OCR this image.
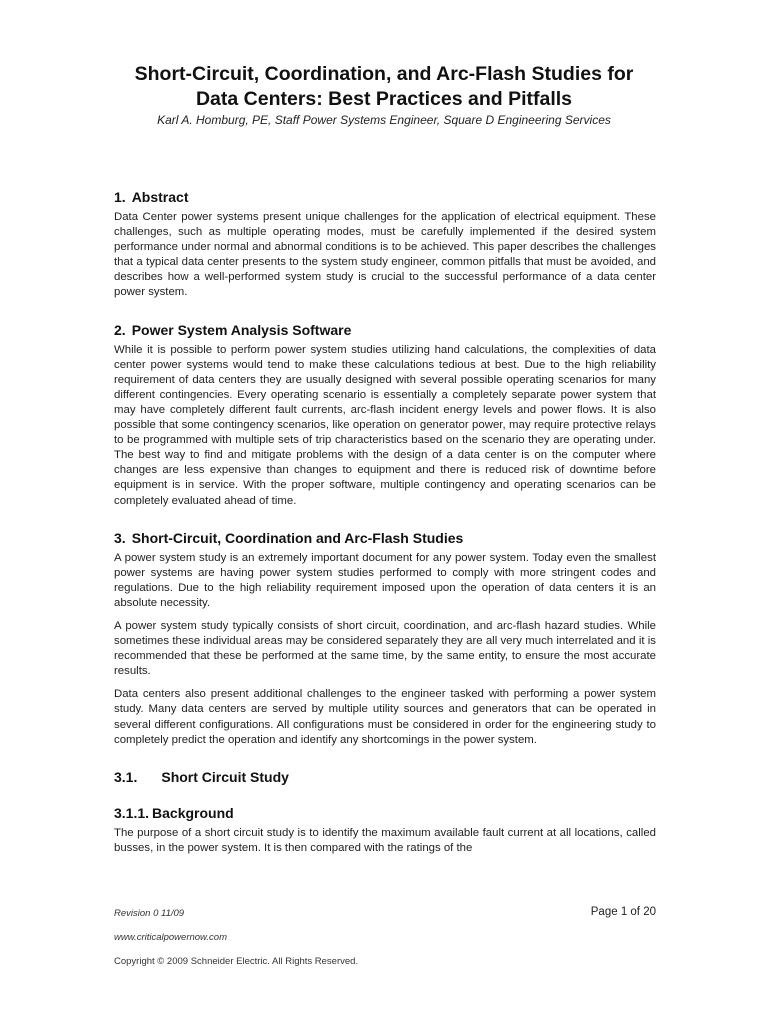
Short-Circuit, Coordination, and Arc-Flash Studies for
Data Centers: Best Practices and Pitfalls
Karl A. Homburg, PE, Staff Power Systems Engineer, Square D Engineering Services
1. Abstract

Data Center power systems present unique challenges for the application of electrical equipment. These challenges, such as multiple operating modes, must be carefully implemented if the desired system performance under normal and abnormal conditions is to be achieved. This paper describes the challenges that a typical data center presents to the system study engineer, common pitfalls that must be avoided, and describes how a well-performed system study is crucial to the successful performance of a data center power system.

2. Power System Analysis Software

While it is possible to perform power system studies utilizing hand calculations, the complexities of data center power systems would tend to make these calculations tedious at best. Due to the high reliability requirement of data centers they are usually designed with several possible operating scenarios for many different contingencies. Every operating scenario is essentially a completely separate power system that may have completely different fault currents, arc-flash incident energy levels and power flows. It is also possible that some contingency scenarios, like operation on generator power, may require protective relays to be programmed with multiple sets of trip characteristics based on the scenario they are operating under. The best way to find and mitigate problems with the design of a data center is on the computer where changes are less expensive than changes to equipment and there is reduced risk of downtime before equipment is in service. With the proper software, multiple contingency and operating scenarios can be completely evaluated ahead of time.

3. Short-Circuit, Coordination and Arc-Flash Studies

A power system study is an extremely important document for any power system. Today even the smallest power systems are having power system studies performed to comply with more stringent codes and regulations. Due to the high reliability requirement imposed upon the operation of data centers it is an absolute necessity.

A power system study typically consists of short circuit, coordination, and arc-flash hazard studies. While sometimes these individual areas may be considered separately they are all very much interrelated and it is recommended that these be performed at the same time, by the same entity, to ensure the most accurate results.

Data centers also present additional challenges to the engineer tasked with performing a power system study. Many data centers are served by multiple utility sources and generators that can be operated in several different configurations. All configurations must be considered in order for the engineering study to completely predict the operation and identify any shortcomings in the power system.

3.1. Short Circuit Study
3.1.1. Background

The purpose of a short circuit study is to identify the maximum available fault current at all locations, called busses, in the power system. It is then compared with the ratings of the

Revision 0 11/09	Page 1 of 20
www.criticalpowernow.com
Copyright © 2009 Schneider Electric. All Rights Reserved.
